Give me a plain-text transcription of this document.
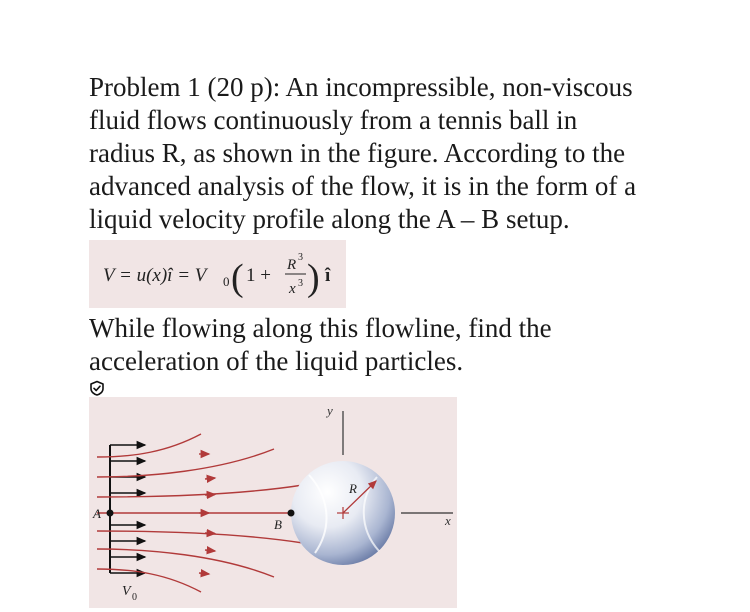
Problem 1 (20 p): An incompressible, non-viscous
fluid flows continuously from a tennis ball in
radius R, as shown in the figure. According to the
advanced analysis of the flow, it is in the form of a
liquid velocity profile along the A – B setup.

V = u(x)î = V 0 ( 1 + R 3
x 3 ) î

While flowing along this flowline, find the
acceleration of the liquid particles.

y
R
x
A
B
V 0
